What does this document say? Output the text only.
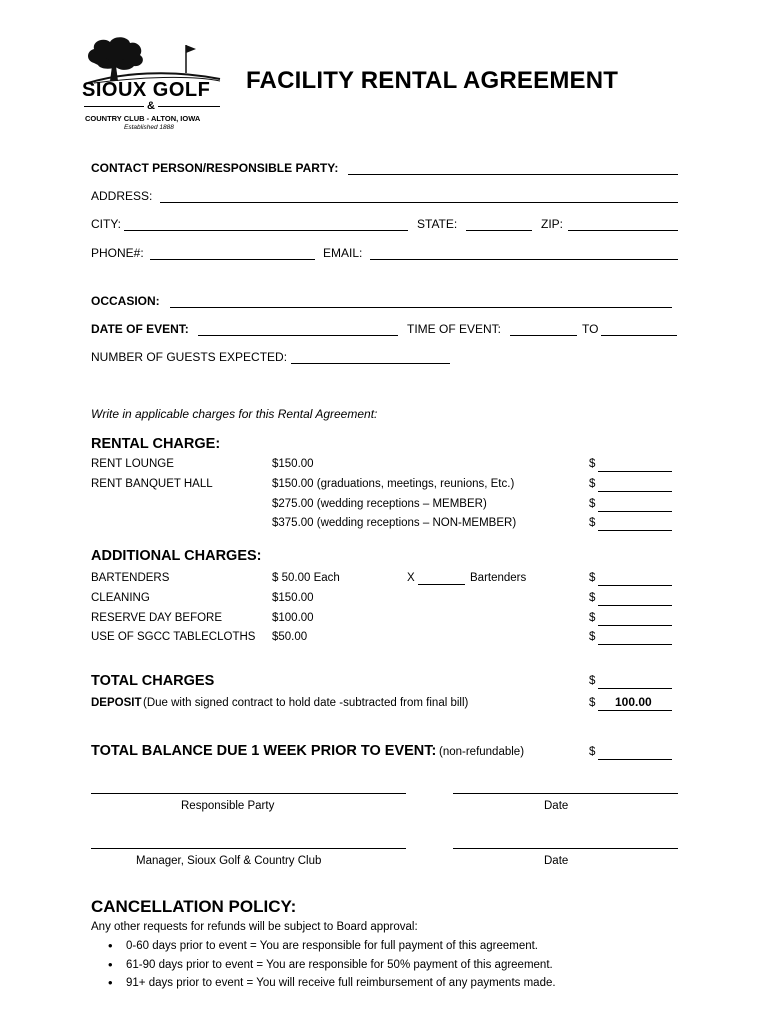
SIOUX GOLF
&
COUNTRY CLUB - ALTON, IOWA
Established 1888
FACILITY RENTAL AGREEMENT
CONTACT PERSON/RESPONSIBLE PARTY:
ADDRESS:
CITY:	STATE:	ZIP:
PHONE#:	EMAIL:
OCCASION:
DATE OF EVENT:	TIME OF EVENT:	TO
NUMBER OF GUESTS EXPECTED:
Write in applicable charges for this Rental Agreement:
RENTAL CHARGE:
RENT LOUNGE	$150.00	$
RENT BANQUET HALL	$150.00 (graduations, meetings, reunions, Etc.)	$
$275.00 (wedding receptions – MEMBER)	$
$375.00 (wedding receptions – NON-MEMBER)	$
ADDITIONAL CHARGES:
BARTENDERS	$ 50.00 Each	X	Bartenders	$
CLEANING	$150.00	$
RESERVE DAY BEFORE	$100.00	$
USE OF SGCC TABLECLOTHS $50.00	$
TOTAL CHARGES	$
DEPOSIT (Due with signed contract to hold date -subtracted from final bill)	$ 100.00
TOTAL BALANCE DUE 1 WEEK PRIOR TO EVENT: (non-refundable)	$
Responsible Party	Date
Manager, Sioux Golf & Country Club	Date
CANCELLATION POLICY:
Any other requests for refunds will be subject to Board approval:
• 0-60 days prior to event = You are responsible for full payment of this agreement.
• 61-90 days prior to event = You are responsible for 50% payment of this agreement.
• 91+ days prior to event = You will receive full reimbursement of any payments made.
